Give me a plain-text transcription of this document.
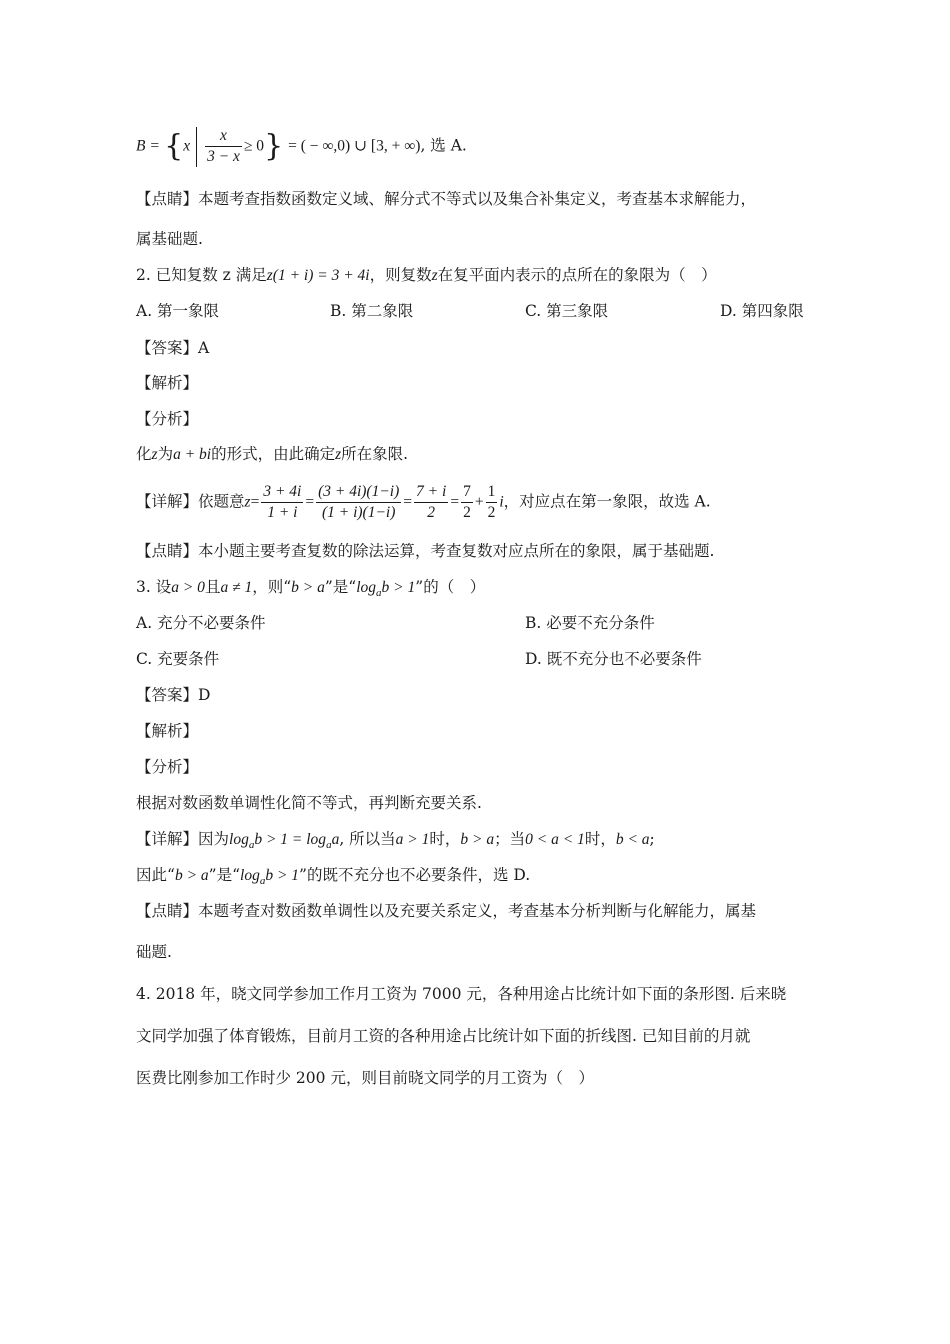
$B = \{x \frac{x}{3 - x} \ge 0\}$ = ( − ∞,0) ∪ [3, + ∞), 选 A.
【点睛】本题考查指数函数定义域、解分式不等式以及集合补集定义，考查基本求解能力，
属基础题.
2. 已知复数 z 满足z(1 + i) = 3 + 4i，则复数z在复平面内表示的点所在的象限为（　）
A. 第一象限	B. 第二象限	C. 第三象限	D. 第四象限
【答案】A
【解析】
【分析】
化z为a + bi的形式，由此确定z所在象限.
【详解】依题意$z= \frac{3 + 4i}{1 + i} = \frac{(3 + 4i)(1-i)}{(1 + i)(1-i)} = \frac{7 + i}{2} = \frac{7}{2} + \frac{1}{2}$ i，对应点在第一象限，故选 A.
【点睛】本小题主要考查复数的除法运算，考查复数对应点所在的象限，属于基础题.
3. 设a > 0且a ≠ 1，则“b > a”是“$\log_ab > 1$”的（　）
A. 充分不必要条件	B. 必要不充分条件
C. 充要条件	D. 既不充分也不必要条件
【答案】D
【解析】
【分析】
根据对数函数单调性化简不等式，再判断充要关系.
【详解】因为$\log_ab > 1 = \log_aa$, 所以当a > 1时，b > a；当0 < a < 1时，b < a;
因此“b > a”是“$\log_ab > 1$”的既不充分也不必要条件，选 D.
【点睛】本题考查对数函数单调性以及充要关系定义，考查基本分析判断与化解能力，属基
础题.
4. 2018 年，晓文同学参加工作月工资为 7000 元，各种用途占比统计如下面的条形图. 后来晓
文同学加强了体育锻炼，目前月工资的各种用途占比统计如下面的折线图. 已知目前的月就
医费比刚参加工作时少 200 元，则目前晓文同学的月工资为（　）
